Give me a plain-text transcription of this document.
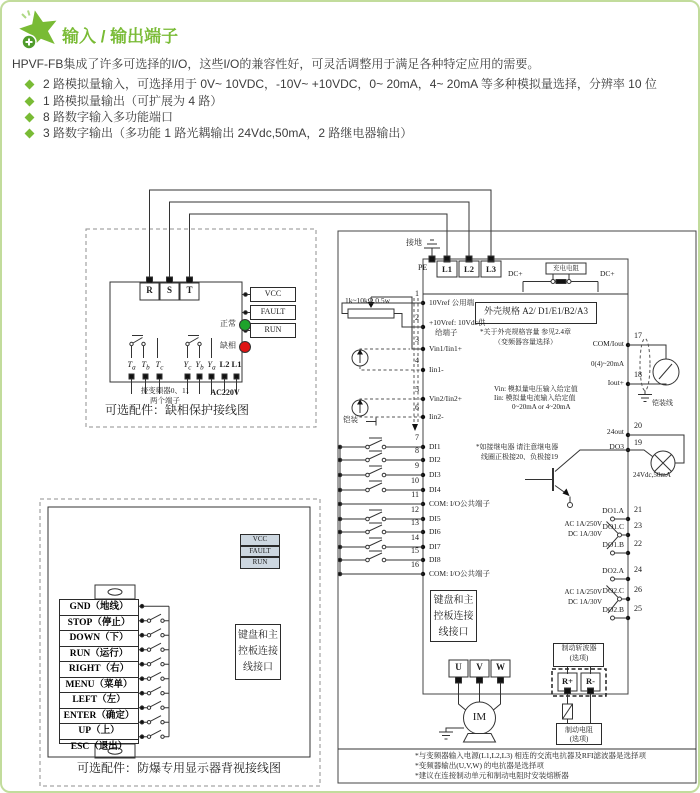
输入 / 输出端子
HPVF-FB集成了许多可选择的I/O，这些I/O的兼容性好，可灵活调整用于满足各种特定应用的需要。
2 路模拟量输入，可选择用于 0V~ 10VDC，-10V~ +10VDC，0~ 20mA，4~ 20mA 等多种模拟量选择，分辨率 10 位
1 路模拟量输出（可扩展为 4 路）
8 路数字输入多功能端口
3 路数字输出（多功能 1 路光耦输出 24Vdc,50mA，2 路继电器输出）
R	S	T	VCC
FAULT
RUN
正常
缺相
$T_a$ $T_b$ $T_c$	$Y_c$ $Y_b$ $Y_a$ L2 L1
接变频器0、11
两个端子
AC220V
可选配件：缺相保护接线图
VCC
FAULT
RUN
GND（地线）
STOP（停止）
DOWN（下）
RUN（运行）
RIGHT（右）
MENU（菜单）
LEFT（左）
ENTER（确定）
UP（上）
ESC（退出）
键盘和主
控板连接
线接口
可选配件：防爆专用显示器背视接线图
接地
PE	L1	L2	L3	充电电阻
DC+	DC+
1k~10kΩ 0.5w
外壳规格 A2/ D1/E1/B2/A3
*关于外壳规格容量 参见2.4章
（变频器容量选择）
Vin: 模拟量电压输入给定值
Iin: 模拟量电流输入给定值
0~20mA or 4~20mA
铠装
1
2
3
4
5
6
7
8
9
10
11
12
13
14
15
16
10Vref 公用端
+10Vref: 10Vdc供
给端子
Vin1/Iin1+
Iin1-
Vin2/Iin2+
Iin2-
DI1
DI2
DI3
DI4
COM: I/O公共端子
DI5
DI6
DI7
DI8
COM: I/O公共端子
17
18
20
19
21
23
22
24
26
25
COM/Iout
Iout+
24out
DO3
DO1.A
DO1.C
DO1.B
DO2.A
DO2.C
DO2.B
0(4)~20mA
铠装线
24Vdc,50mA
*如接继电器 请注意继电器
线圈正极接20、负极接19
AC 1A/250V
DC 1A/30V
AC 1A/250V
DC 1A/30V
键盘和主
控板连接
线接口
U	V	W
IM
制动斩波器
(选项)
R+	R-
制动电阻
(选项)
*与变频器输入电源(L1,L2,L3) 相连的交流电抗器及RFI滤波器是选择项
*变频器输出(U,V,W) 的电抗器是选择项
*建议在连接制动单元和制动电阻时安装熔断器
